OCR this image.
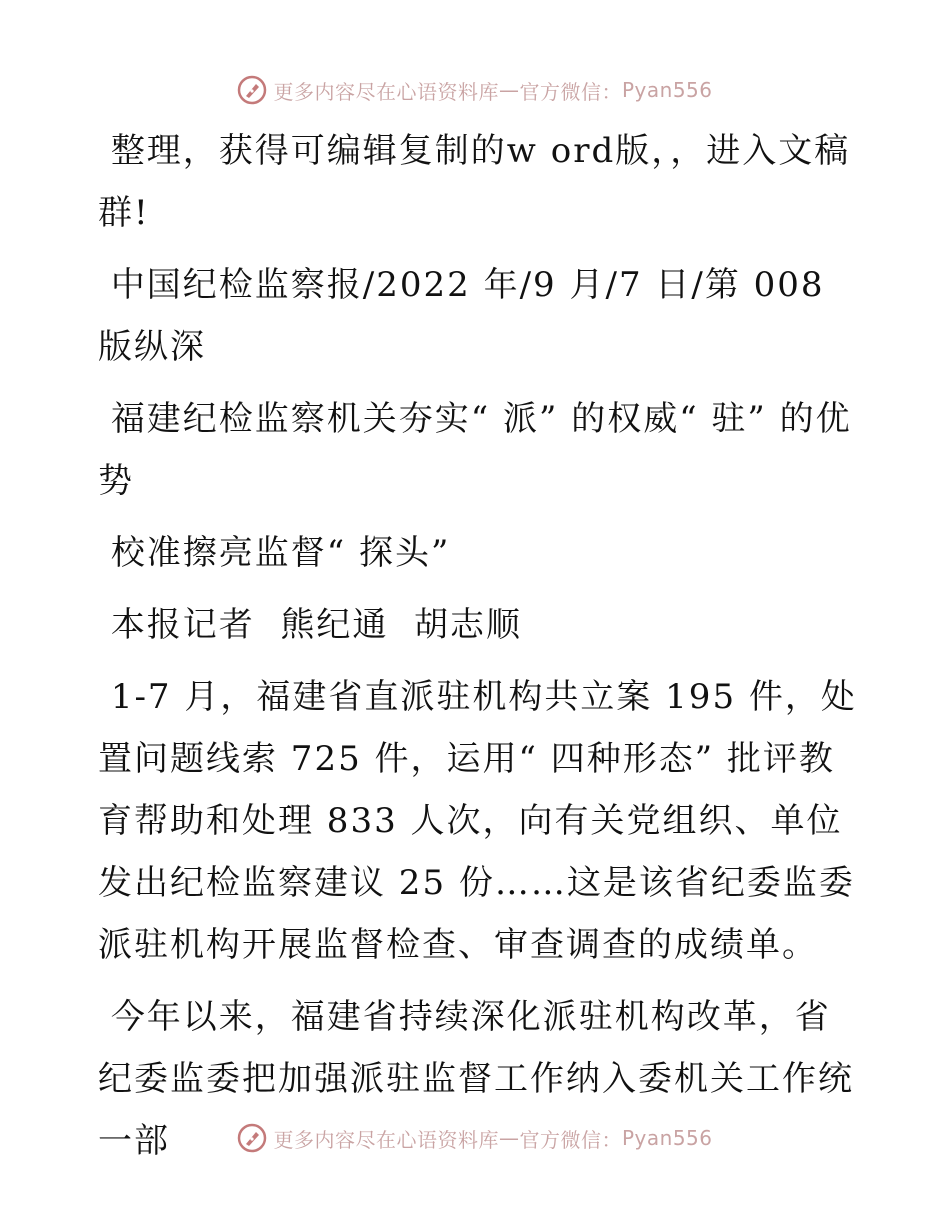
更多内容尽在心语资料库 — 官方微信： Pyan556

整理，获得可编辑复制的w ord版，，进入文稿群!

中国纪检监察报/2022 年/9 月/7 日/第 008 版纵深

福建纪检监察机关夯实“ 派” 的权威“ 驻” 的优势

校准擦亮监督“ 探头”

本报记者  熊纪通  胡志顺

1-7 月，福建省直派驻机构共立案 195 件，处置问题线索 725 件，运用“ 四种形态” 批评教育帮助和处理 833 人次，向有关党组织、单位发出纪检监察建议 25 份……这是该省纪委监委派驻机构开展监督检查、审查调查的成绩单。

今年以来，福建省持续深化派驻机构改革，省纪委监委把加强派驻监督工作纳入委机关工作统一部	更多内容尽在心语资料库 — 官方微信： Pyan556
